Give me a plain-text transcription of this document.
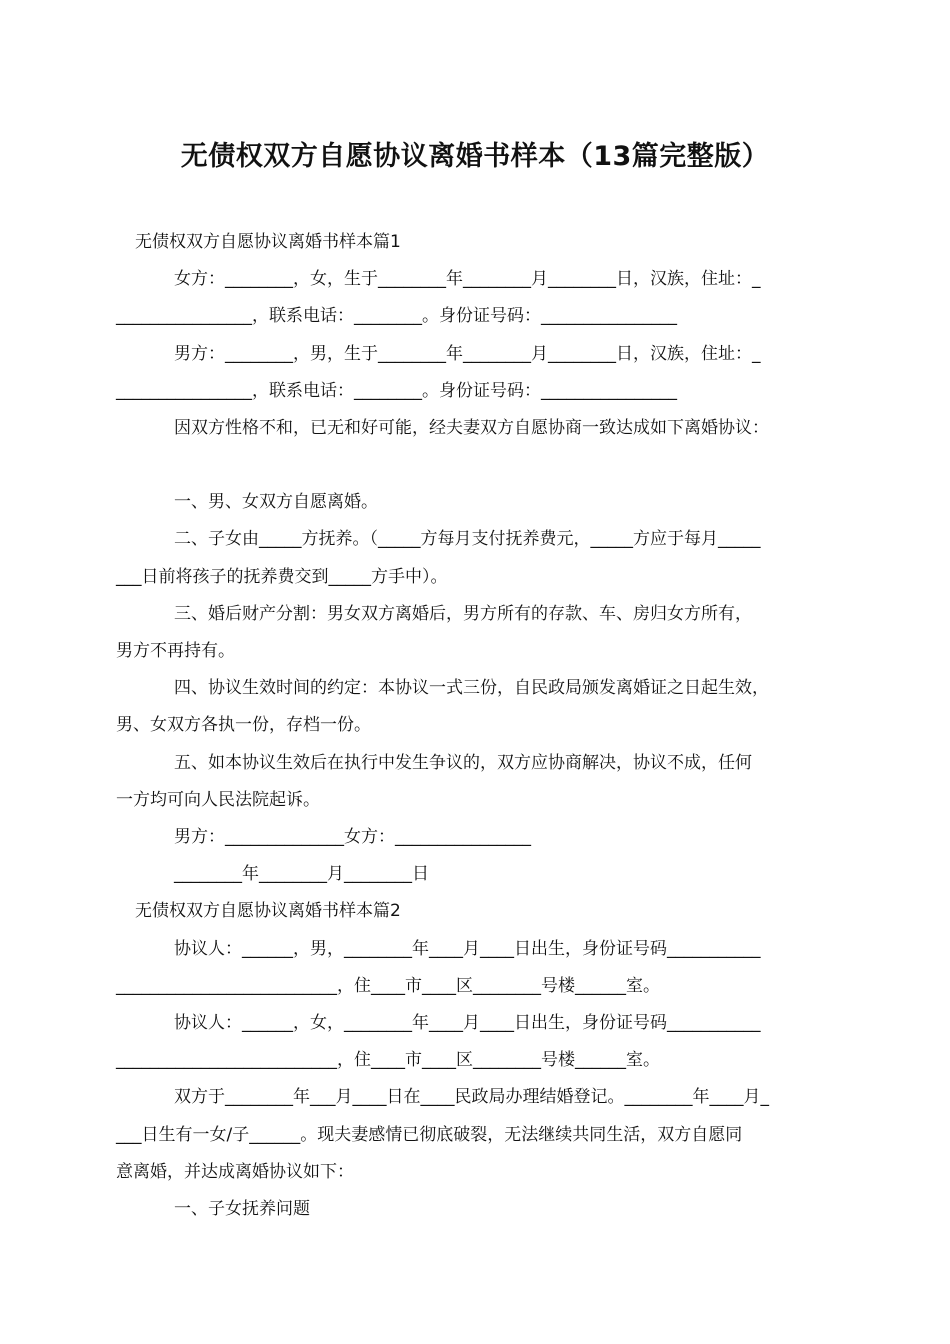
无债权双方自愿协议离婚书样本（13篇完整版）

无债权双方自愿协议离婚书样本篇1

女方：________，女，生于________年________月________日，汉族，住址：_

________________，联系电话：________。身份证号码：________________

男方：________，男，生于________年________月________日，汉族，住址：_

________________，联系电话：________。身份证号码：________________

因双方性格不和，已无和好可能，经夫妻双方自愿协商一致达成如下离婚协议：

一、男、女双方自愿离婚。

二、子女由_____方抚养。（_____方每月支付抚养费元，_____方应于每月_____

___日前将孩子的抚养费交到_____方手中）。

三、婚后财产分割：男女双方离婚后，男方所有的存款、车、房归女方所有，

男方不再持有。

四、协议生效时间的约定：本协议一式三份，自民政局颁发离婚证之日起生效，

男、女双方各执一份，存档一份。

五、如本协议生效后在执行中发生争议的，双方应协商解决，协议不成，任何

一方均可向人民法院起诉。

男方：______________女方：________________

________年________月________日

无债权双方自愿协议离婚书样本篇2

协议人：______，男，________年____月____日出生，身份证号码___________

__________________________，住____市____区________号楼______室。

协议人：______，女，________年____月____日出生，身份证号码___________

__________________________，住____市____区________号楼______室。

双方于________年___月____日在____民政局办理结婚登记。________年____月_

___日生有一女/子______。现夫妻感情已彻底破裂，无法继续共同生活，双方自愿同

意离婚，并达成离婚协议如下：

一、子女抚养问题
